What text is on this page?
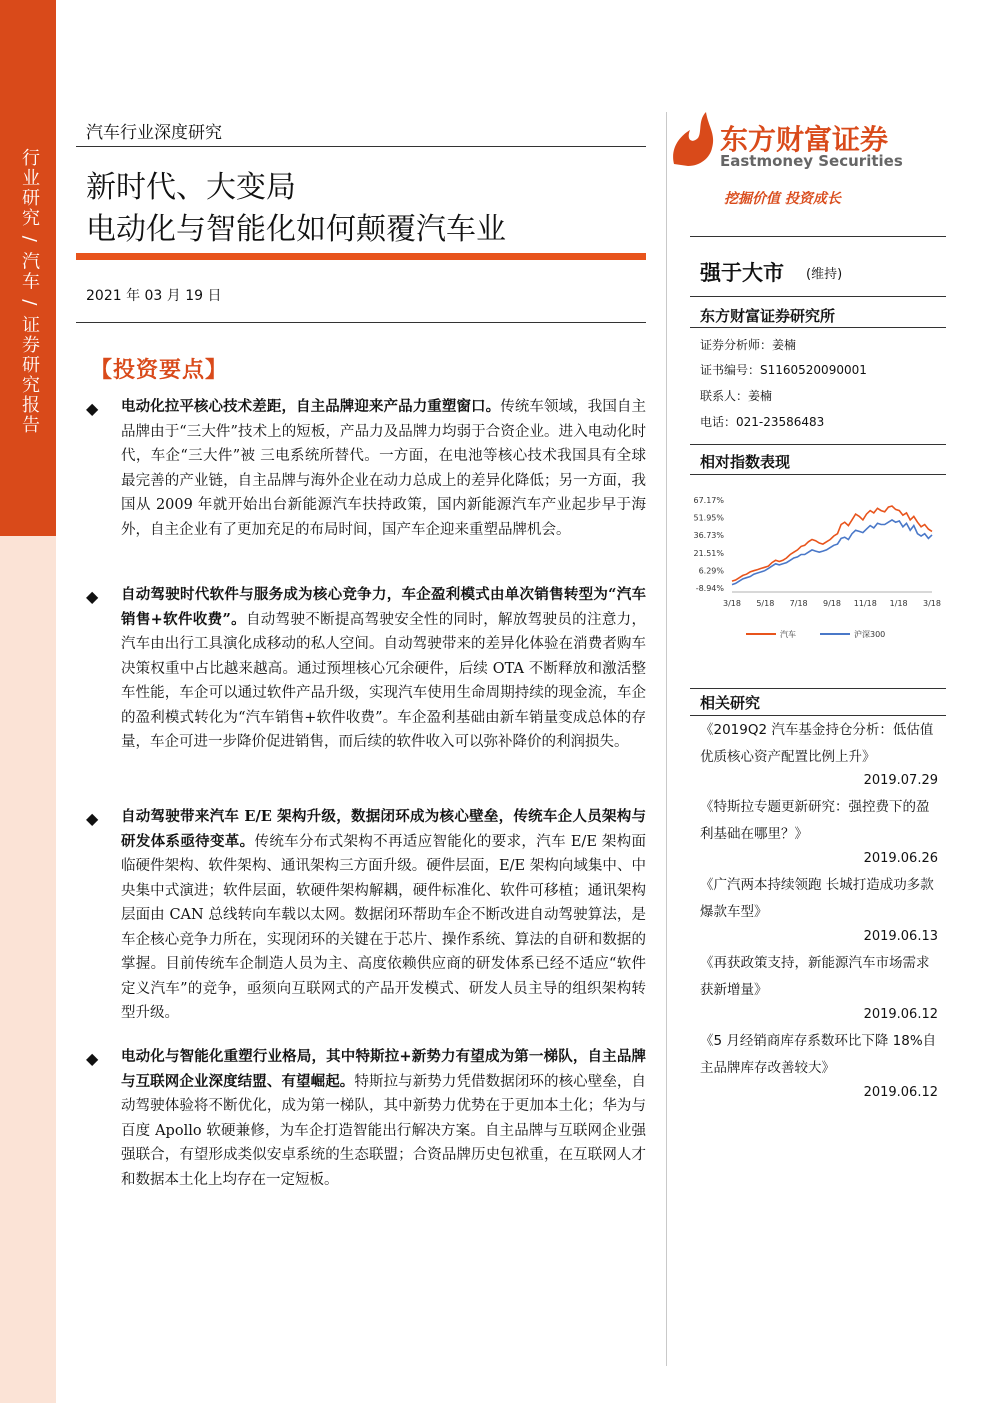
行业研究 / 汽车 / 证券研究报告
汽车行业深度研究
新时代、大变局
电动化与智能化如何颠覆汽车业
2021 年 03 月 19 日
【投资要点】
◆ 电动化拉平核心技术差距，自主品牌迎来产品力重塑窗口。传统车领域，我国自主品牌由于“三大件”技术上的短板，产品力及品牌力均弱于合资企业。进入电动化时代，车企“三大件”被 三电系统所替代。一方面，在电池等核心技术我国具有全球最完善的产业链，自主品牌与海外企业在动力总成上的差异化降低；另一方面，我国从 2009 年就开始出台新能源汽车扶持政策，国内新能源汽车产业起步早于海外，自主企业有了更加充足的布局时间，国产车企迎来重塑品牌机会。
◆ 自动驾驶时代软件与服务成为核心竞争力，车企盈利模式由单次销售转型为“汽车销售+软件收费”。自动驾驶不断提高驾驶安全性的同时，解放驾驶员的注意力，汽车由出行工具演化成移动的私人空间。自动驾驶带来的差异化体验在消费者购车决策权重中占比越来越高。通过预埋核心冗余硬件，后续 OTA 不断释放和激活整车性能，车企可以通过软件产品升级，实现汽车使用生命周期持续的现金流，车企的盈利模式转化为“汽车销售+软件收费”。车企盈利基础由新车销量变成总体的存量，车企可进一步降价促进销售，而后续的软件收入可以弥补降价的利润损失。
◆ 自动驾驶带来汽车 E/E 架构升级，数据闭环成为核心壁垒，传统车企人员架构与研发体系亟待变革。传统车分布式架构不再适应智能化的要求，汽车 E/E 架构面临硬件架构、软件架构、通讯架构三方面升级。硬件层面，E/E 架构向域集中、中央集中式演进；软件层面，软硬件架构解耦，硬件标准化、软件可移植；通讯架构层面由 CAN 总线转向车载以太网。数据闭环帮助车企不断改进自动驾驶算法，是车企核心竞争力所在，实现闭环的关键在于芯片、操作系统、算法的自研和数据的掌握。目前传统车企制造人员为主、高度依赖供应商的研发体系已经不适应“软件定义汽车”的竞争，亟须向互联网式的产品开发模式、研发人员主导的组织架构转型升级。
◆ 电动化与智能化重塑行业格局，其中特斯拉+新势力有望成为第一梯队，自主品牌与互联网企业深度结盟、有望崛起。特斯拉与新势力凭借数据闭环的核心壁垒，自动驾驶体验将不断优化，成为第一梯队，其中新势力优势在于更加本土化；华为与百度 Apollo 软硬兼修，为车企打造智能出行解决方案。自主品牌与互联网企业强强联合，有望形成类似安卓系统的生态联盟；合资品牌历史包袱重，在互联网人才和数据本土化上均存在一定短板。
东方财富证券
Eastmoney Securities
挖掘价值 投资成长
强于大市 (维持)
东方财富证券研究所
证券分析师：姜楠
证书编号：S1160520090001
联系人：姜楠
电话：021-23586483
相对指数表现
67.17%
51.95%
36.73%
21.51%
6.29%
-8.94%
3/18 5/18 7/18 9/18 11/18 1/18 3/18
汽车	沪深300
相关研究
《2019Q2 汽车基金持仓分析：低估值优质核心资产配置比例上升》
2019.07.29
《特斯拉专题更新研究：强控费下的盈利基础在哪里？》
2019.06.26
《广汽两本持续领跑 长城打造成功多款爆款车型》
2019.06.13
《再获政策支持，新能源汽车市场需求获新增量》
2019.06.12
《5 月经销商库存系数环比下降 18%自主品牌库存改善较大》
2019.06.12
